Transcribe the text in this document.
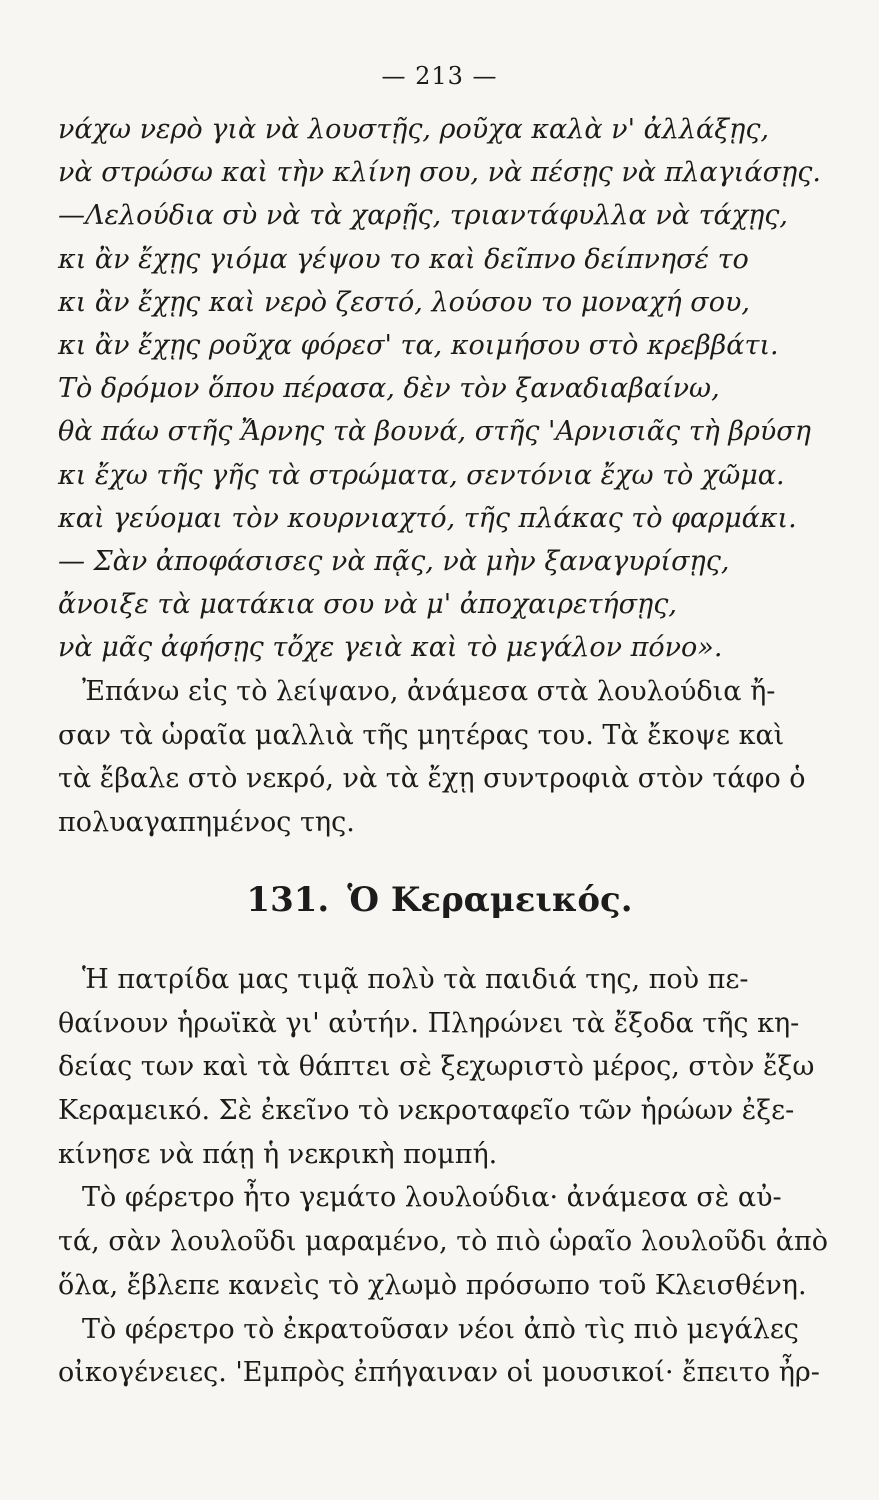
— 213 —
νάχω νερὸ γιὰ νὰ λουστῇς, ροῦχα καλὰ ν' ἀλλάξῃς,
νὰ στρώσω καὶ τὴν κλίνη σου, νὰ πέσῃς νὰ πλαγιάσῃς.
—Λελούδια σὺ νὰ τὰ χαρῇς, τριαντάφυλλα νὰ τάχῃς,
κι ἂν ἔχῃς γιόμα γέψου το καὶ δεῖπνο δείπνησέ το
κι ἂν ἔχῃς καὶ νερὸ ζεστό, λούσου το μοναχή σου,
κι ἂν ἔχῃς ροῦχα φόρεσ' τα, κοιμήσου στὸ κρεββάτι.
Τὸ δρόμον ὅπου πέρασα, δὲν τὸν ξαναδιαβαίνω,
θὰ πάω στῆς Ἄρνης τὰ βουνά, στῆς 'Αρνισιᾶς τὴ βρύση
κι ἔχω τῆς γῆς τὰ στρώματα, σεντόνια ἔχω τὸ χῶμα.
καὶ γεύομαι τὸν κουρνιαχτό, τῆς πλάκας τὸ φαρμάκι.
— Σὰν ἀποφάσισες νὰ πᾷς, νὰ μὴν ξαναγυρίσῃς,
ἄνοιξε τὰ ματάκια σου νὰ μ' ἀποχαιρετήσῃς,
νὰ μᾶς ἀφήσῃς τὄχε γειὰ καὶ τὸ μεγάλον πόνο».
Ἐπάνω εἰς τὸ λείψανο, ἀνάμεσα στὰ λουλούδια ἤ-
σαν τὰ ὡραῖα μαλλιὰ τῆς μητέρας του. Τὰ ἔκοψε καὶ
τὰ ἔβαλε στὸ νεκρό, νὰ τὰ ἔχῃ συντροφιὰ στὸν τάφο ὁ
πολυαγαπημένος της.
131. Ὁ Κεραμεικός.
Ἡ πατρίδα μας τιμᾷ πολὺ τὰ παιδιά της, ποὺ πε-
θαίνουν ἡρωϊκὰ γι' αὐτήν. Πληρώνει τὰ ἔξοδα τῆς κη-
δείας των καὶ τὰ θάπτει σὲ ξεχωριστὸ μέρος, στὸν ἔξω
Κεραμεικό. Σὲ ἐκεῖνο τὸ νεκροταφεῖο τῶν ἡρώων ἐξε-
κίνησε νὰ πάῃ ἡ νεκρικὴ πομπή.
Τὸ φέρετρο ἦτο γεμάτο λουλούδια· ἀνάμεσα σὲ αὐ-
τά, σὰν λουλοῦδι μαραμένο, τὸ πιὸ ὡραῖο λουλοῦδι ἀπὸ
ὅλα, ἔβλεπε κανεὶς τὸ χλωμὸ πρόσωπο τοῦ Κλεισθένη.
Τὸ φέρετρο τὸ ἐκρατοῦσαν νέοι ἀπὸ τὶς πιὸ μεγάλες
οἰκογένειες. 'Εμπρὸς ἐπήγαιναν οἱ μουσικοί· ἔπειτο ἦρ-
